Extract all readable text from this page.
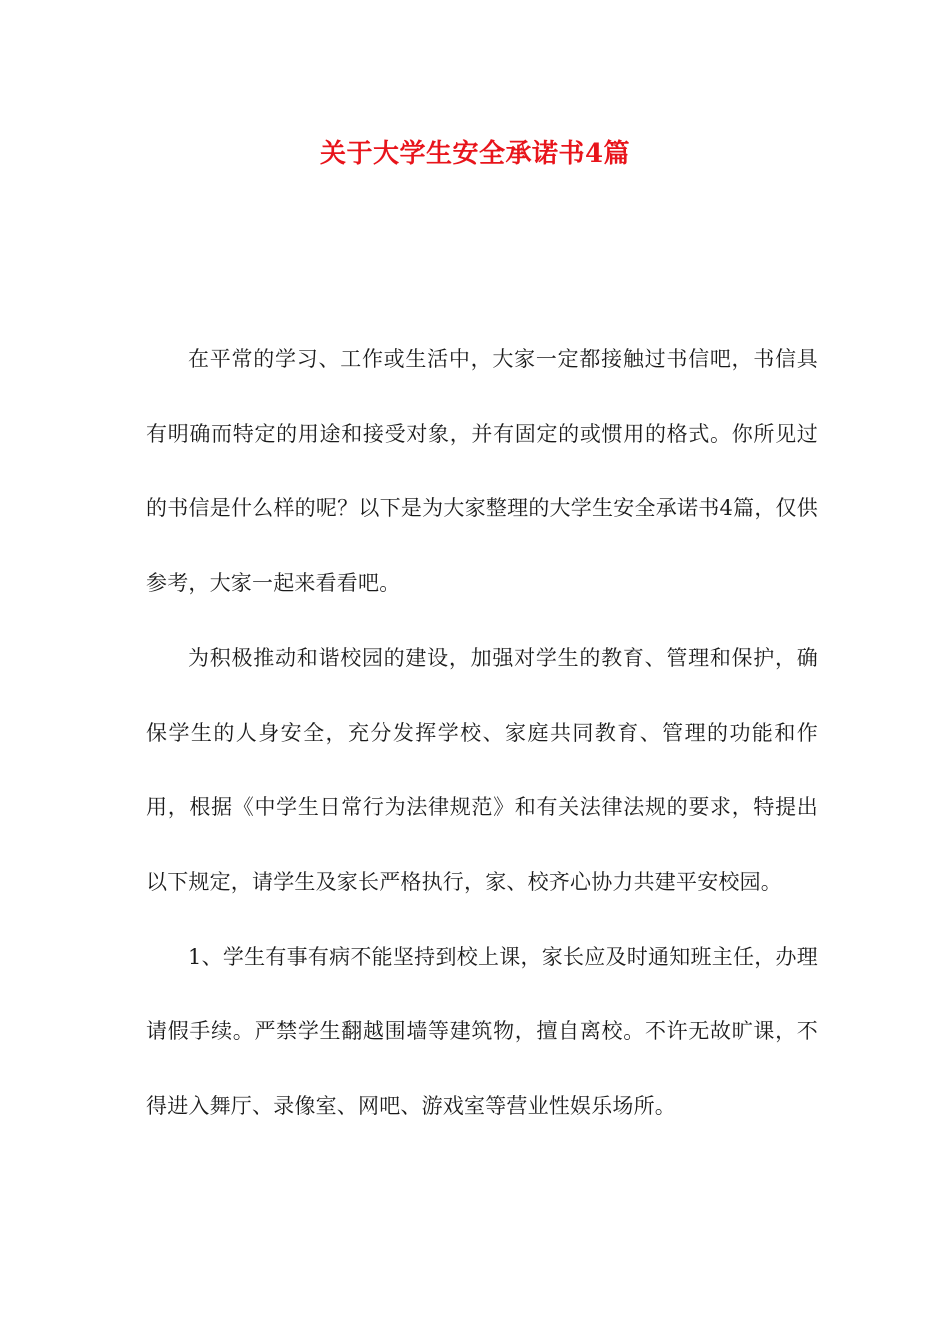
关于大学生安全承诺书4篇

在平常的学习、工作或生活中，大家一定都接触过书信吧，书信具有明确而特定的用途和接受对象，并有固定的或惯用的格式。你所见过的书信是什么样的呢？以下是为大家整理的大学生安全承诺书4篇，仅供参考，大家一起来看看吧。

为积极推动和谐校园的建设，加强对学生的教育、管理和保护，确保学生的人身安全，充分发挥学校、家庭共同教育、管理的功能和作用，根据《中学生日常行为法律规范》和有关法律法规的要求，特提出以下规定，请学生及家长严格执行，家、校齐心协力共建平安校园。

1、学生有事有病不能坚持到校上课，家长应及时通知班主任，办理请假手续。严禁学生翻越围墙等建筑物，擅自离校。不许无故旷课，不得进入舞厅、录像室、网吧、游戏室等营业性娱乐场所。
